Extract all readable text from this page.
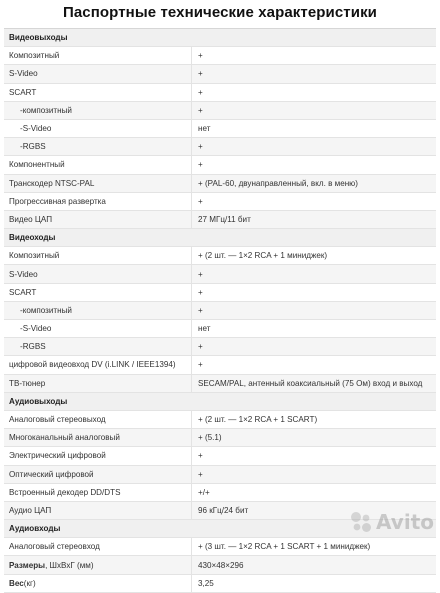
Паспортные технические характеристики
Видеовыходы
Композитный	+
S-Video	+
SCART	+
-композитный	+
-S-Video	нет
-RGBS	+
Компонентный	+
Транскодер NTSC-PAL	+ (PAL-60, двунаправленный, вкл. в меню)
Прогрессивная развертка	+
Видео ЦАП	27 МГц/11 бит
Видеоходы
Композитный	+ (2 шт. — 1×2 RCA + 1 миниджек)
S-Video	+
SCART	+
-композитный	+
-S-Video	нет
-RGBS	+
цифровой видеовход DV (i.LINK / IEEE1394)	+
ТВ-тюнер	SECAM/PAL, антенный коаксиальный (75 Ом) вход и выход
Аудиовыходы
Аналоговый стереовыход	+ (2 шт. — 1×2 RCA + 1 SCART)
Многоканальный аналоговый	+ (5.1)
Электрический цифровой	+
Оптический цифровой	+
Встроенный декодер DD/DTS	+/+
Аудио ЦАП	96 кГц/24 бит
Аудиовходы
Аналоговый стереовход	+ (3 шт. — 1×2 RCA + 1 SCART + 1 миниджек)
Размеры , ШхВхГ (мм)	430×48×296
Вес (кг)	3,25
Avito
